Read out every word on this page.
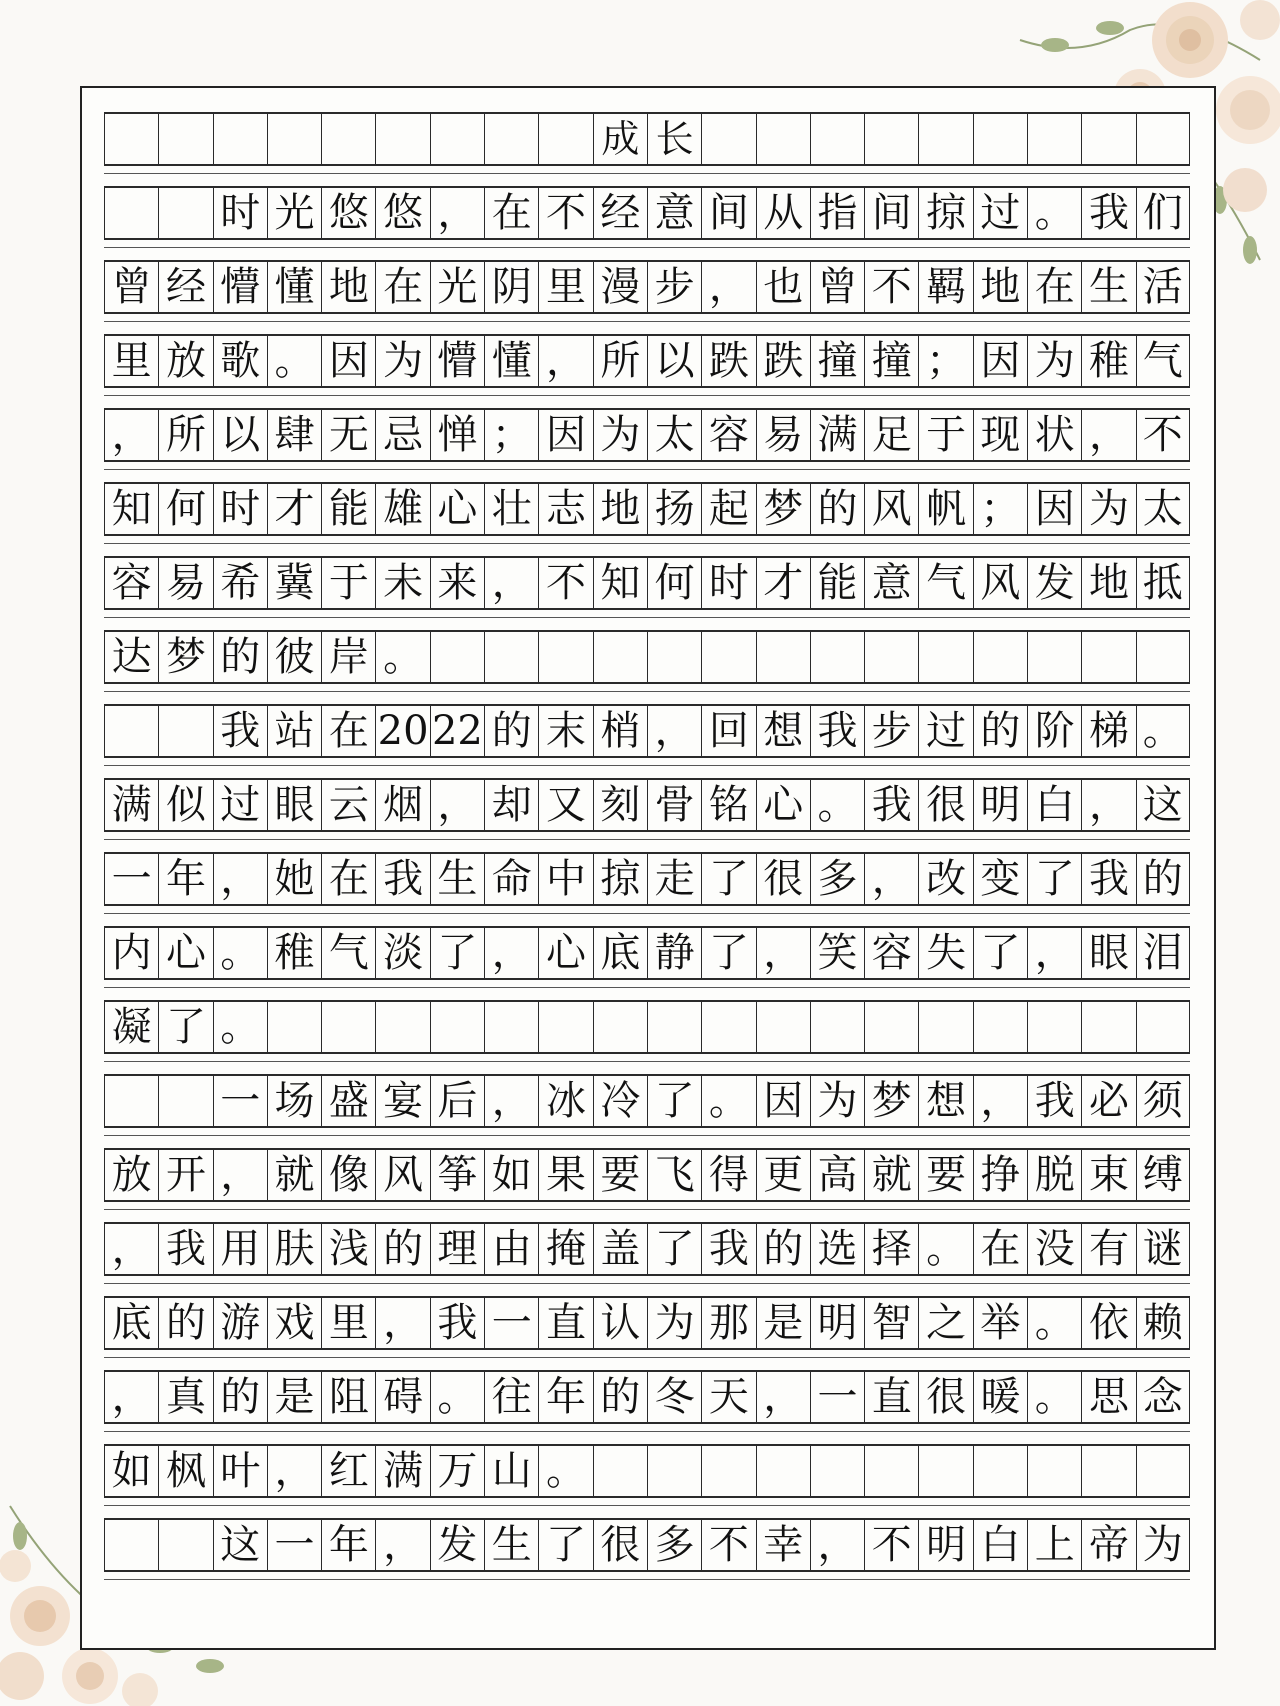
成 长
时 光 悠 悠 ， 在 不 经 意 间 从 指 间 掠 过 。 我 们
曾 经 懵 懂 地 在 光 阴 里 漫 步 ， 也 曾 不 羁 地 在 生 活
里 放 歌 。 因 为 懵 懂 ， 所 以 跌 跌 撞 撞 ； 因 为 稚 气
， 所 以 肆 无 忌 惮 ； 因 为 太 容 易 满 足 于 现 状 ， 不
知 何 时 才 能 雄 心 壮 志 地 扬 起 梦 的 风 帆 ； 因 为 太
容 易 希 冀 于 未 来 ， 不 知 何 时 才 能 意 气 风 发 地 抵
达 梦 的 彼 岸 。
我 站 在 20 22 的 末 梢 ， 回 想 我 步 过 的 阶 梯 。
满 似 过 眼 云 烟 ， 却 又 刻 骨 铭 心 。 我 很 明 白 ， 这
一 年 ， 她 在 我 生 命 中 掠 走 了 很 多 ， 改 变 了 我 的
内 心 。 稚 气 淡 了 ， 心 底 静 了 ， 笑 容 失 了 ， 眼 泪
凝 了 。
一 场 盛 宴 后 ， 冰 冷 了 。 因 为 梦 想 ， 我 必 须
放 开 ， 就 像 风 筝 如 果 要 飞 得 更 高 就 要 挣 脱 束 缚
， 我 用 肤 浅 的 理 由 掩 盖 了 我 的 选 择 。 在 没 有 谜
底 的 游 戏 里 ， 我 一 直 认 为 那 是 明 智 之 举 。 依 赖
， 真 的 是 阻 碍 。 往 年 的 冬 天 ， 一 直 很 暖 。 思 念
如 枫 叶 ， 红 满 万 山 。
这 一 年 ， 发 生 了 很 多 不 幸 ， 不 明 白 上 帝 为
